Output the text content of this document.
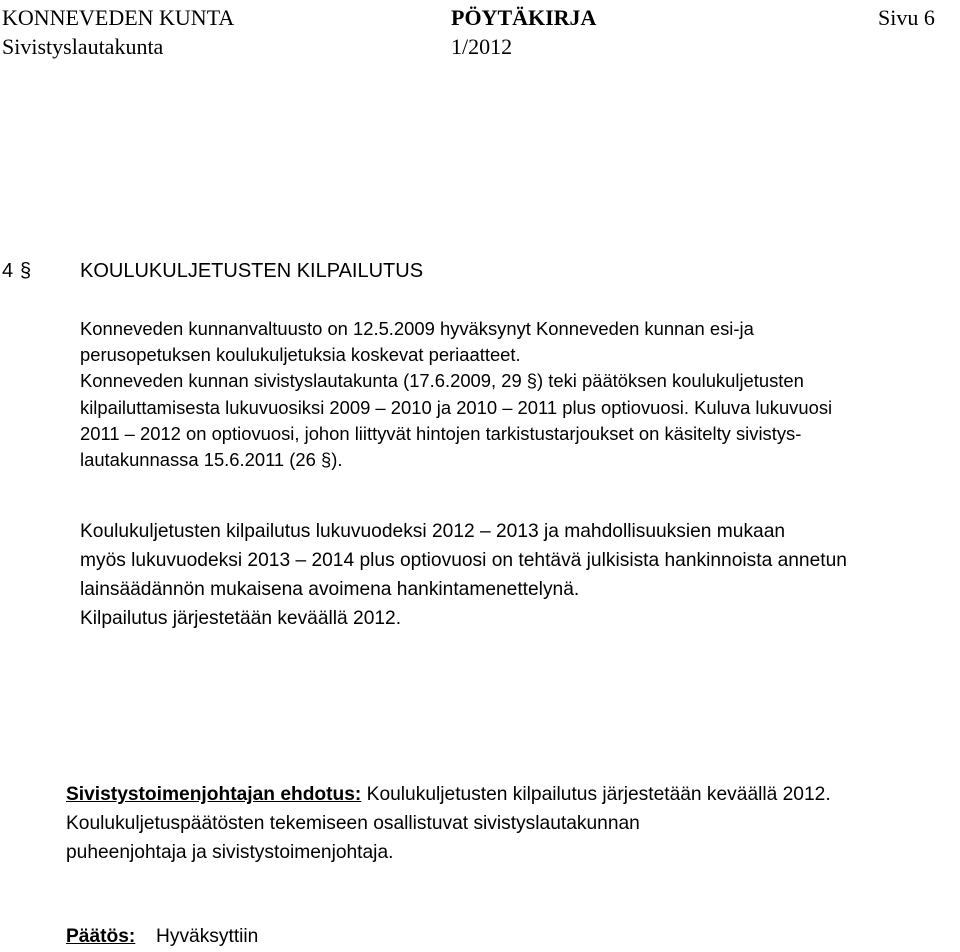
KONNEVEDEN KUNTA	PÖYTÄKIRJA	Sivu 6
Sivistyslautakunta	1/2012
4 § KOULUKULJETUSTEN KILPAILUTUS
Konneveden kunnanvaltuusto on 12.5.2009 hyväksynyt Konneveden kunnan esi-ja
perusopetuksen koulukuljetuksia koskevat periaatteet.
Konneveden kunnan sivistyslautakunta (17.6.2009, 29 §) teki päätöksen koulukuljetusten
kilpailuttamisesta lukuvuosiksi 2009 – 2010 ja 2010 – 2011 plus optiovuosi. Kuluva lukuvuosi
2011 – 2012 on optiovuosi, johon liittyvät hintojen tarkistustarjoukset on käsitelty sivistys-
lautakunnassa 15.6.2011 (26 §).
Koulukuljetusten kilpailutus lukuvuodeksi 2012 – 2013 ja mahdollisuuksien mukaan
myös lukuvuodeksi 2013 – 2014 plus optiovuosi on tehtävä julkisista hankinnoista annetun
lainsäädännön mukaisena avoimena hankintamenettelynä.
Kilpailutus järjestetään keväällä 2012.
Sivistystoimenjohtajan ehdotus: Koulukuljetusten kilpailutus järjestetään keväällä 2012.
Koulukuljetuspäätösten tekemiseen osallistuvat sivistyslautakunnan
puheenjohtaja ja sivistystoimenjohtaja.
Päätös: Hyväksyttiin
